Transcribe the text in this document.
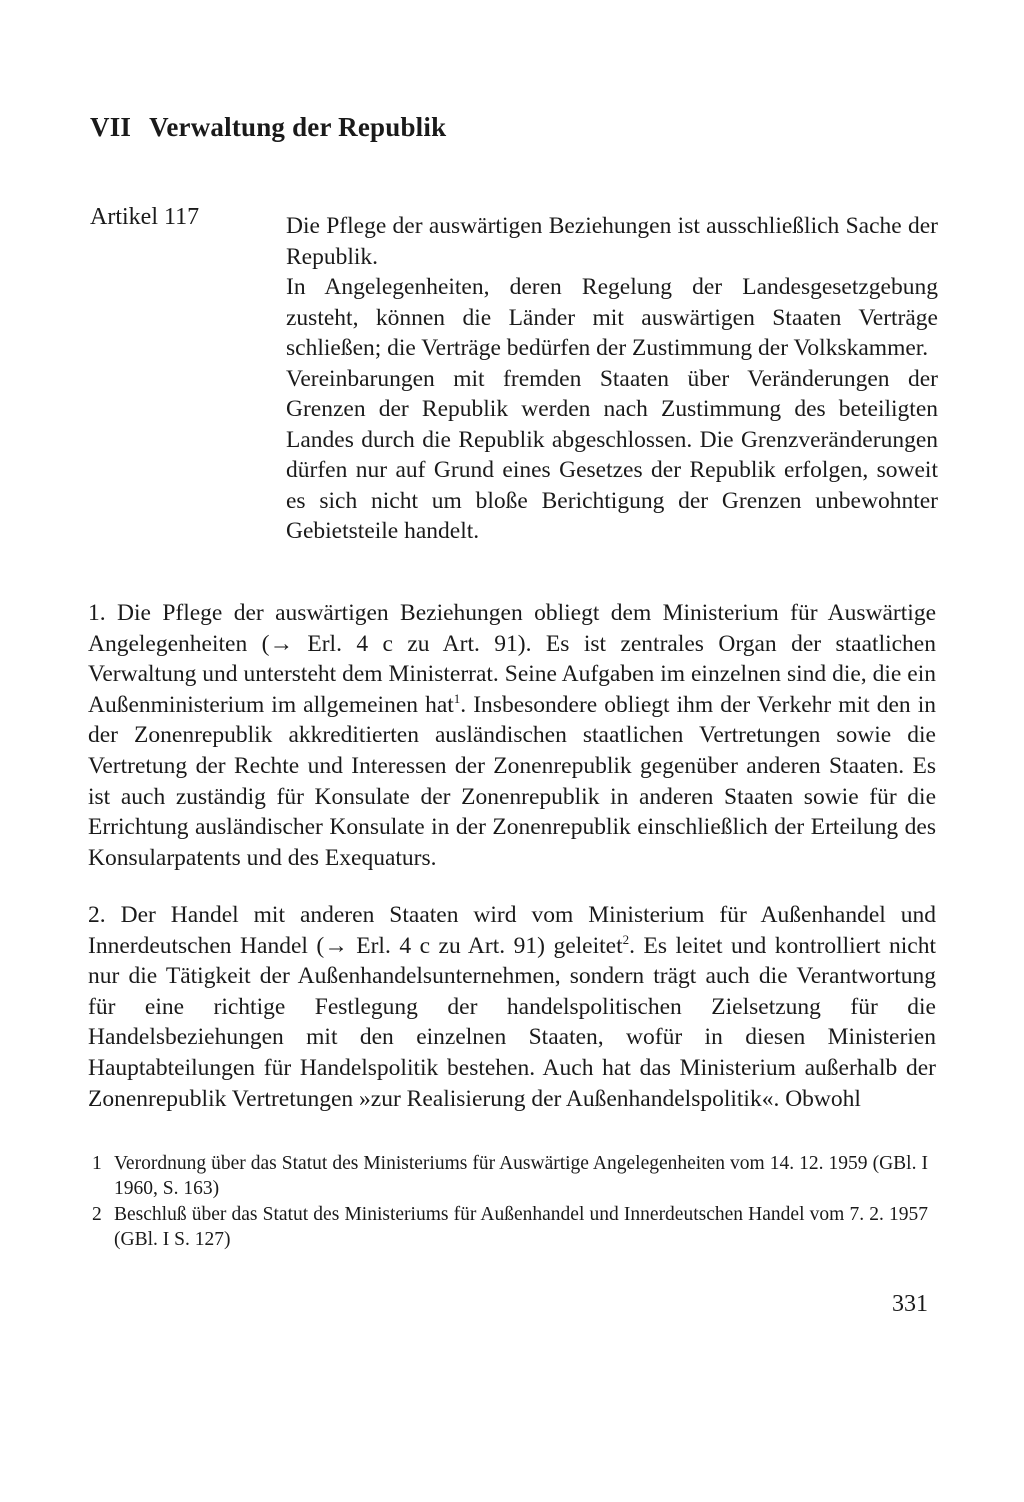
VII Verwaltung der Republik
Artikel 117	Die Pflege der auswärtigen Beziehungen ist ausschließlich Sache der Republik.

In Angelegenheiten, deren Regelung der Landesgesetzgebung zusteht, können die Länder mit auswärtigen Staaten Verträge schließen; die Verträge bedürfen der Zustimmung der Volkskammer.

Vereinbarungen mit fremden Staaten über Veränderungen der Grenzen der Republik werden nach Zustimmung des beteiligten Landes durch die Republik abgeschlossen. Die Grenzveränderungen dürfen nur auf Grund eines Gesetzes der Republik erfolgen, soweit es sich nicht um bloße Berichtigung der Grenzen unbewohnter Gebietsteile handelt.

1. Die Pflege der auswärtigen Beziehungen obliegt dem Ministerium für Auswärtige Angelegenheiten (→ Erl. 4 c zu Art. 91). Es ist zentrales Organ der staatlichen Verwaltung und untersteht dem Ministerrat. Seine Aufgaben im einzelnen sind die, die ein Außenministerium im allgemeinen hat$^1$. Insbesondere obliegt ihm der Verkehr mit den in der Zonenrepublik akkreditierten ausländischen staatlichen Vertretungen sowie die Vertretung der Rechte und Interessen der Zonenrepublik gegenüber anderen Staaten. Es ist auch zuständig für Konsulate der Zonenrepublik in anderen Staaten sowie für die Errichtung ausländischer Konsulate in der Zonenrepublik einschließlich der Erteilung des Konsularpatents und des Exequaturs.

2. Der Handel mit anderen Staaten wird vom Ministerium für Außenhandel und Innerdeutschen Handel (→ Erl. 4 c zu Art. 91) geleitet$^2$. Es leitet und kontrolliert nicht nur die Tätigkeit der Außenhandelsunternehmen, sondern trägt auch die Verantwortung für eine richtige Festlegung der handelspolitischen Zielsetzung für die Handelsbeziehungen mit den einzelnen Staaten, wofür in diesen Ministerien Hauptabteilungen für Handelspolitik bestehen. Auch hat das Ministerium außerhalb der Zonenrepublik Vertretungen »zur Realisierung der Außenhandelspolitik«. Obwohl

1 Verordnung über das Statut des Ministeriums für Auswärtige Angelegenheiten vom 14. 12. 1959 (GBl. I 1960, S. 163)
2 Beschluß über das Statut des Ministeriums für Außenhandel und Innerdeutschen Handel vom 7. 2. 1957 (GBl. I S. 127)
331
